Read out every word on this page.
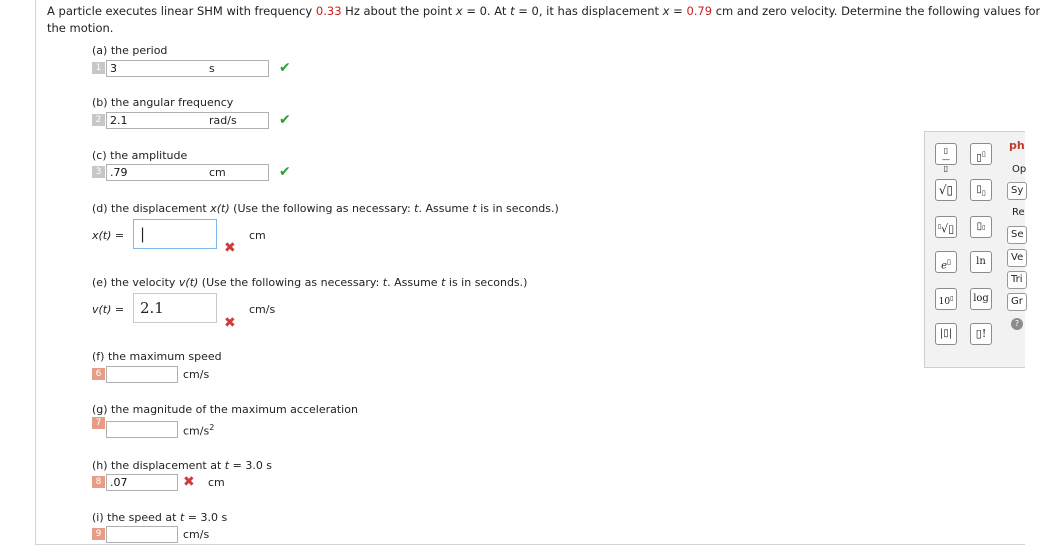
A particle executes linear SHM with frequency 0.33 Hz about the point x = 0. At t = 0, it has displacement x = 0.79 cm and zero velocity. Determine the following values for
the motion.
(a) the period
1 3	✔
s
(b) the angular frequency
2 2.1	✔
rad/s
(c) the amplitude
3 .79	✔
cm
(d) the displacement x(t) (Use the following as necessary: t. Assume t is in seconds.)
x(t) =	|
✖
cm
(e) the velocity v(t) (Use the following as necessary: t. Assume t is in seconds.)
v(t) =	2.1
✖
cm/s
(f) the maximum speed
6	cm/s
(g) the magnitude of the maximum acceleration
7
$cm/s^2$
(h) the displacement at t = 3.0 s
8 .07	✖ cm
(i) the speed at t = 3.0 s
9	cm/s
▯
—
▯
▯▯
√▯	$▯_▯$
▯√▯	▯▯
e▯	ln
10▯	log
|▯|	▯!
ph
Op
Sy
Re
Se
Ve
Tri
Gr
?
